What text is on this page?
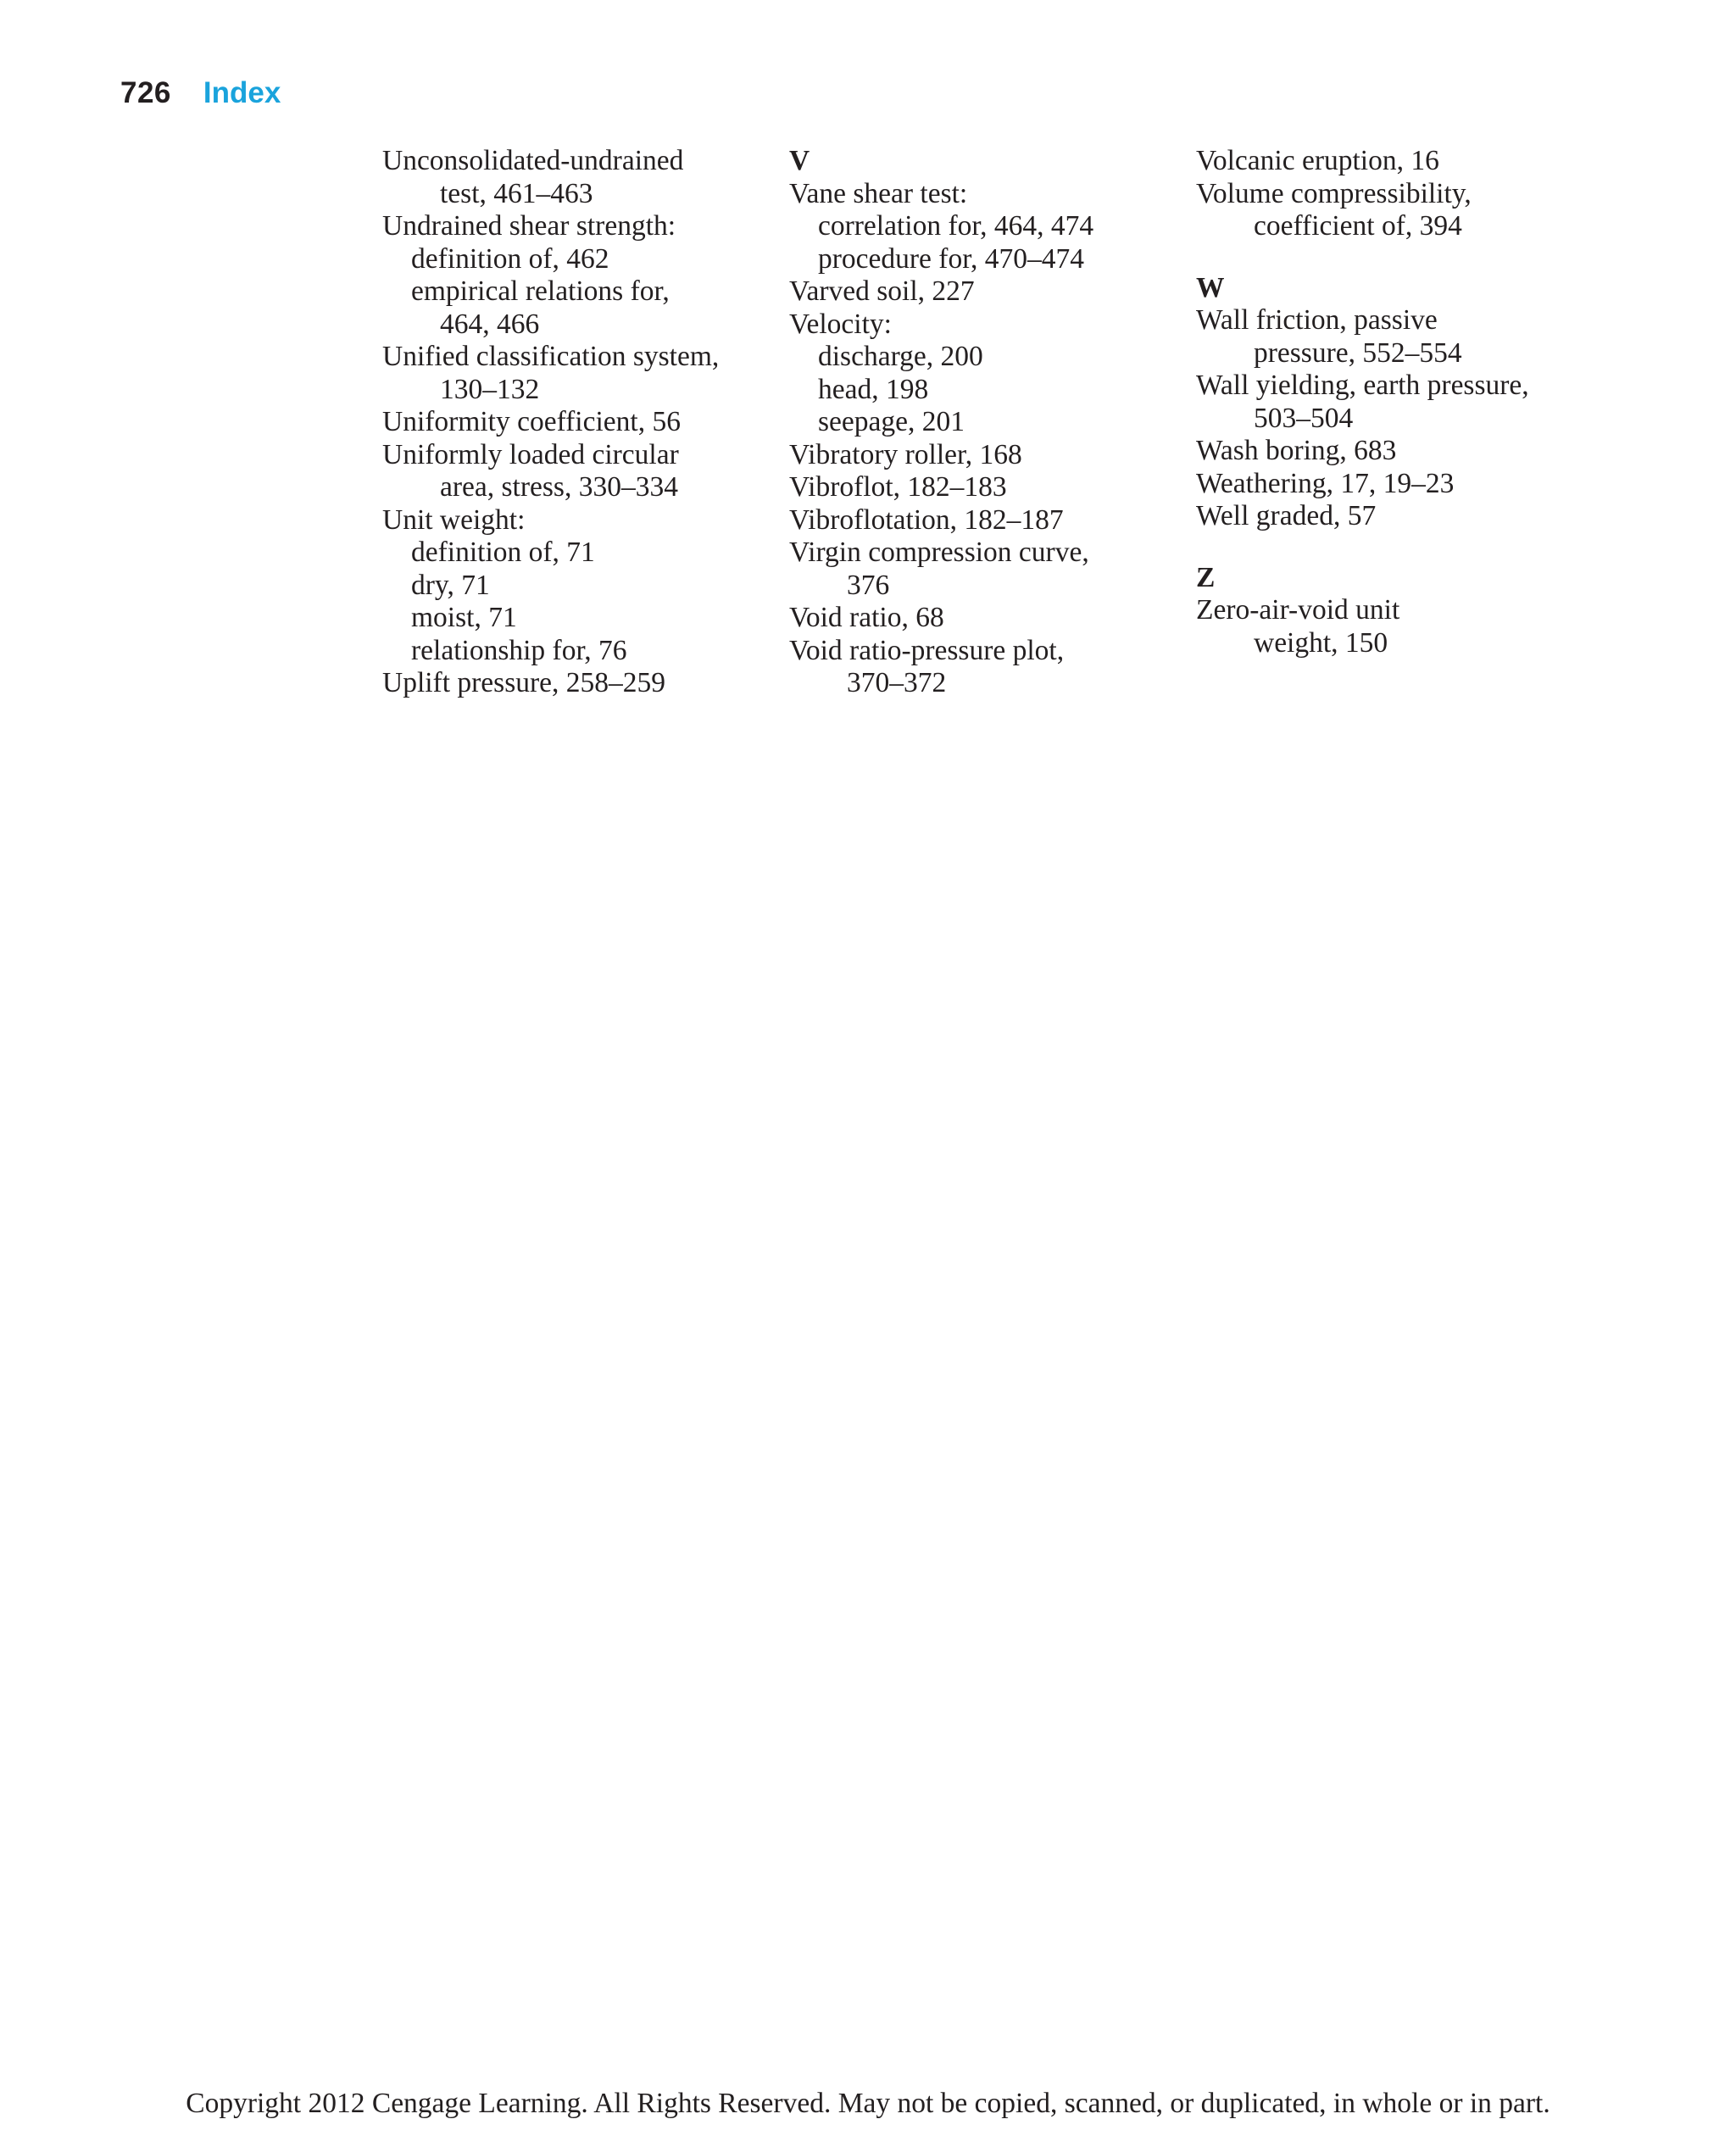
726 Index
Unconsolidated-undrained
test, 461–463
Undrained shear strength:
definition of, 462
empirical relations for,
464, 466
Unified classification system,
130–132
Uniformity coefficient, 56
Uniformly loaded circular
area, stress, 330–334
Unit weight:
definition of, 71
dry, 71
moist, 71
relationship for, 76
Uplift pressure, 258–259
V
Vane shear test:
correlation for, 464, 474
procedure for, 470–474
Varved soil, 227
Velocity:
discharge, 200
head, 198
seepage, 201
Vibratory roller, 168
Vibroflot, 182–183
Vibroflotation, 182–187
Virgin compression curve,
376
Void ratio, 68
Void ratio-pressure plot,
370–372
Volcanic eruption, 16
Volume compressibility,
coefficient of, 394
W
Wall friction, passive
pressure, 552–554
Wall yielding, earth pressure,
503–504
Wash boring, 683
Weathering, 17, 19–23
Well graded, 57
Z
Zero-air-void unit
weight, 150
Copyright 2012 Cengage Learning. All Rights Reserved. May not be copied, scanned, or duplicated, in whole or in part.
